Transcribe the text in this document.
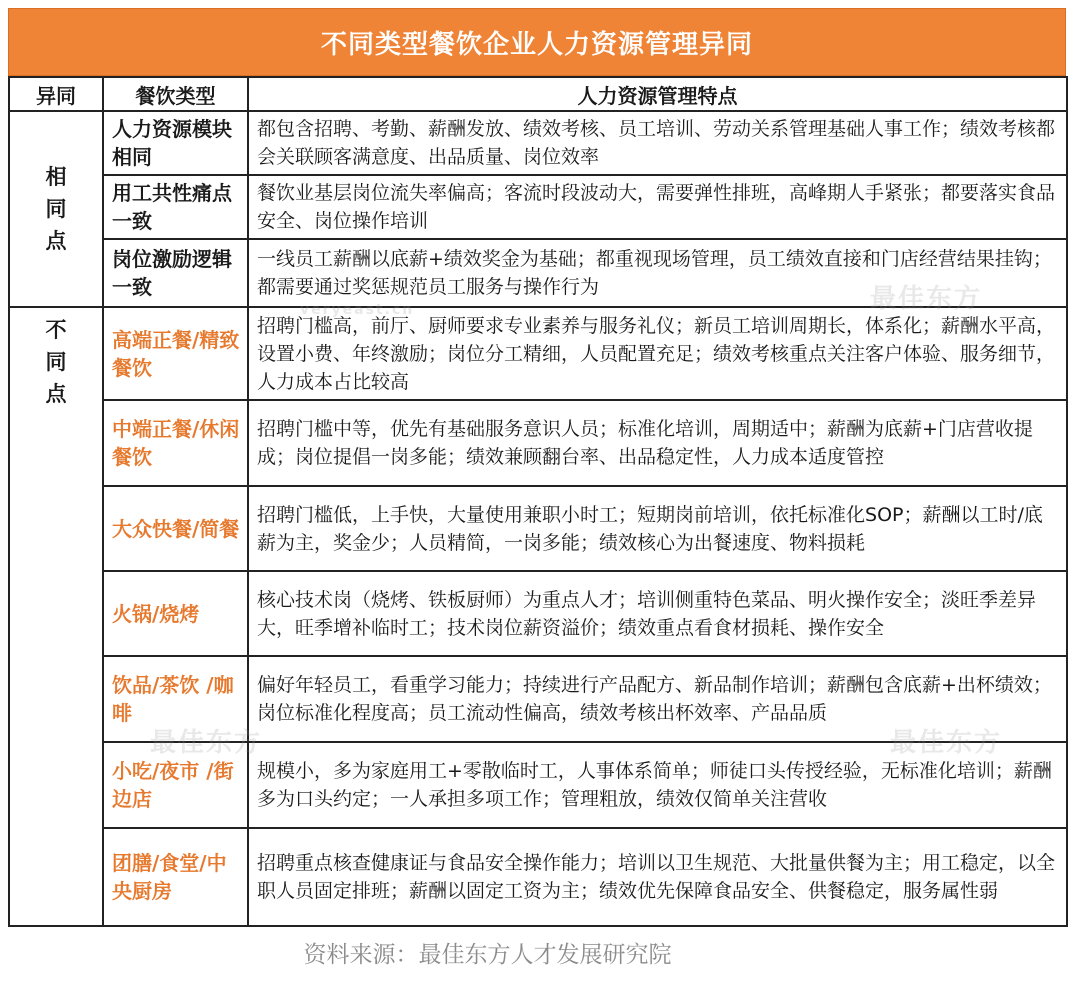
不同类型餐饮企业人力资源管理异同
异同	餐饮类型	人力资源管理特点
相同点	人力资源模块相同	都包含招聘、考勤、薪酬发放、绩效考核、员工培训、劳动关系管理基础人事工作；绩效考核都会关联顾客满意度、出品质量、岗位效率
	用工共性痛点一致	餐饮业基层岗位流失率偏高；客流时段波动大，需要弹性排班，高峰期人手紧张；都要落实食品安全、岗位操作培训
	岗位激励逻辑一致	一线员工薪酬以底薪+绩效奖金为基础；都重视现场管理，员工绩效直接和门店经营结果挂钩；都需要通过奖惩规范员工服务与操作行为
不同点	高端正餐/精致餐饮	招聘门槛高，前厅、厨师要求专业素养与服务礼仪；新员工培训周期长，体系化；薪酬水平高，设置小费、年终激励；岗位分工精细，人员配置充足；绩效考核重点关注客户体验、服务细节，人力成本占比较高
	中端正餐/休闲餐饮	招聘门槛中等，优先有基础服务意识人员；标准化培训，周期适中；薪酬为底薪+门店营收提成；岗位提倡一岗多能；绩效兼顾翻台率、出品稳定性，人力成本适度管控
	大众快餐/简餐	招聘门槛低，上手快，大量使用兼职小时工；短期岗前培训，依托标准化SOP；薪酬以工时/底薪为主，奖金少；人员精简，一岗多能；绩效核心为出餐速度、物料损耗
	火锅/烧烤	核心技术岗（烧烤、铁板厨师）为重点人才；培训侧重特色菜品、明火操作安全；淡旺季差异大，旺季增补临时工；技术岗位薪资溢价；绩效重点看食材损耗、操作安全
	饮品/茶饮 /咖啡	偏好年轻员工，看重学习能力；持续进行产品配方、新品制作培训；薪酬包含底薪+出杯绩效；岗位标准化程度高；员工流动性偏高，绩效考核出杯效率、产品品质
	小吃/夜市 /街边店	规模小，多为家庭用工+零散临时工，人事体系简单；师徒口头传授经验，无标准化培训；薪酬多为口头约定；一人承担多项工作；管理粗放，绩效仅简单关注营收
	团膳/食堂/中央厨房	招聘重点核查健康证与食品安全操作能力；培训以卫生规范、大批量供餐为主；用工稳定，以全职人员固定排班；薪酬以固定工资为主；绩效优先保障食品安全、供餐稳定，服务属性弱
最佳东方
veryeast.cn
最佳东方
最佳东方
资料来源：最佳东方人才发展研究院
